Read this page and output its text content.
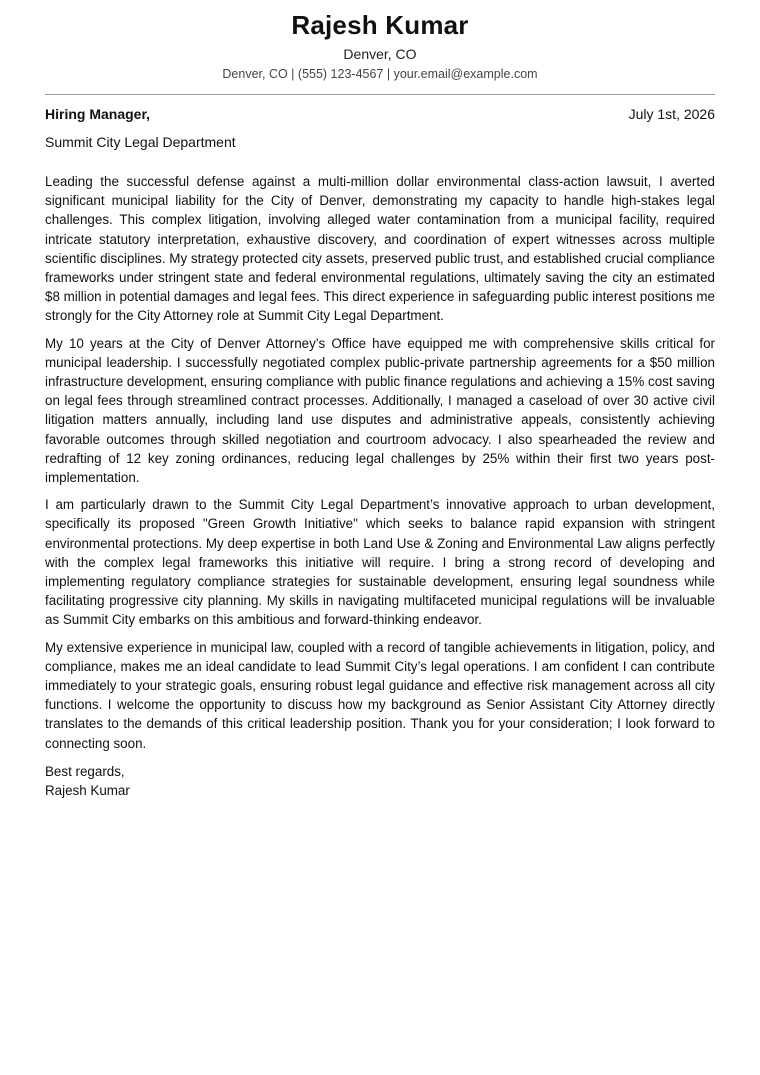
Rajesh Kumar
Denver, CO
Denver, CO | (555) 123-4567 | your.email@example.com
Hiring Manager,	July 1st, 2026
Summit City Legal Department

Leading the successful defense against a multi-million dollar environmental class-action lawsuit, I averted significant municipal liability for the City of Denver, demonstrating my capacity to handle high-stakes legal challenges. This complex litigation, involving alleged water contamination from a municipal facility, required intricate statutory interpretation, exhaustive discovery, and coordination of expert witnesses across multiple scientific disciplines. My strategy protected city assets, preserved public trust, and established crucial compliance frameworks under stringent state and federal environmental regulations, ultimately saving the city an estimated $8 million in potential damages and legal fees. This direct experience in safeguarding public interest positions me strongly for the City Attorney role at Summit City Legal Department.

My 10 years at the City of Denver Attorney’s Office have equipped me with comprehensive skills critical for municipal leadership. I successfully negotiated complex public-private partnership agreements for a $50 million infrastructure development, ensuring compliance with public finance regulations and achieving a 15% cost saving on legal fees through streamlined contract processes. Additionally, I managed a caseload of over 30 active civil litigation matters annually, including land use disputes and administrative appeals, consistently achieving favorable outcomes through skilled negotiation and courtroom advocacy. I also spearheaded the review and redrafting of 12 key zoning ordinances, reducing legal challenges by 25% within their first two years post-implementation.

I am particularly drawn to the Summit City Legal Department’s innovative approach to urban development, specifically its proposed "Green Growth Initiative" which seeks to balance rapid expansion with stringent environmental protections. My deep expertise in both Land Use & Zoning and Environmental Law aligns perfectly with the complex legal frameworks this initiative will require. I bring a strong record of developing and implementing regulatory compliance strategies for sustainable development, ensuring legal soundness while facilitating progressive city planning. My skills in navigating multifaceted municipal regulations will be invaluable as Summit City embarks on this ambitious and forward-thinking endeavor.

My extensive experience in municipal law, coupled with a record of tangible achievements in litigation, policy, and compliance, makes me an ideal candidate to lead Summit City’s legal operations. I am confident I can contribute immediately to your strategic goals, ensuring robust legal guidance and effective risk management across all city functions. I welcome the opportunity to discuss how my background as Senior Assistant City Attorney directly translates to the demands of this critical leadership position. Thank you for your consideration; I look forward to connecting soon.

Best regards,
Rajesh Kumar
